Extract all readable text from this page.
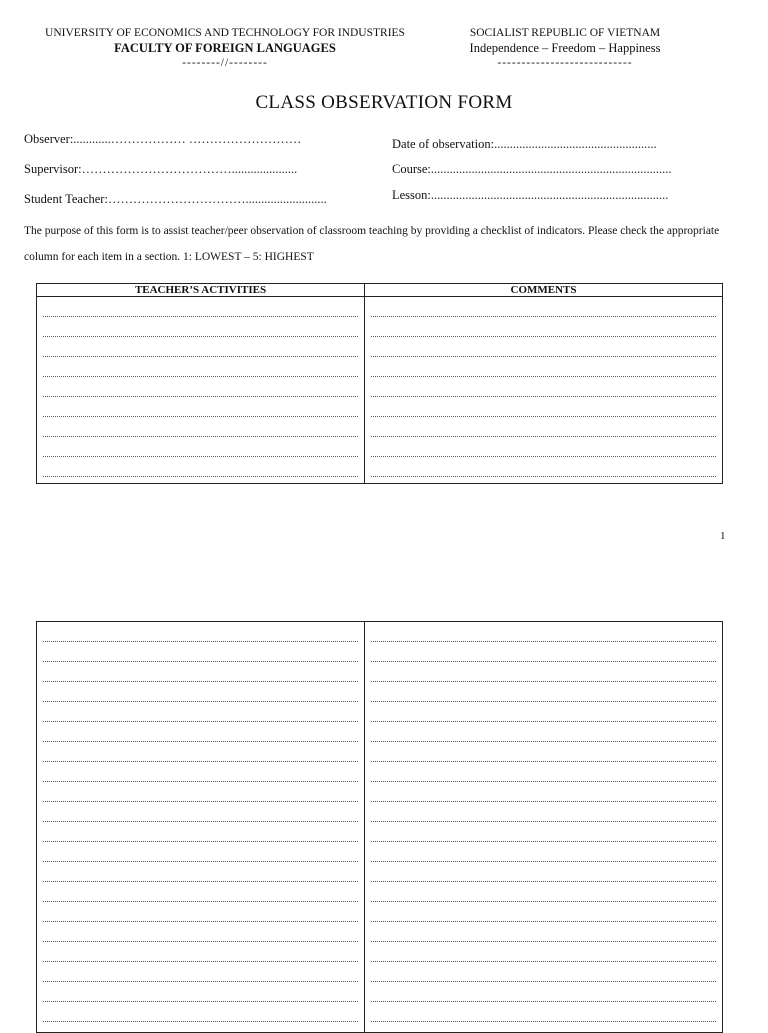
UNIVERSITY OF ECONOMICS AND TECHNOLOGY FOR INDUSTRIES
FACULTY OF FOREIGN LANGUAGES
--------//--------
SOCIALIST REPUBLIC OF VIETNAM
Independence – Freedom – Happiness
----------------------------
CLASS OBSERVATION FORM
Observer:............……………… ………………………
Supervisor:……………………………….....................
Student Teacher:……………………………..........................
Date of observation:....................................................
Course:.............................................................................
Lesson:............................................................................
The purpose of this form is to assist teacher/peer observation of classroom teaching by providing a checklist of indicators. Please check the appropriate column for each item in a section. 1: LOWEST – 5: HIGHEST
TEACHER’S ACTIVITIES	COMMENTS

1
